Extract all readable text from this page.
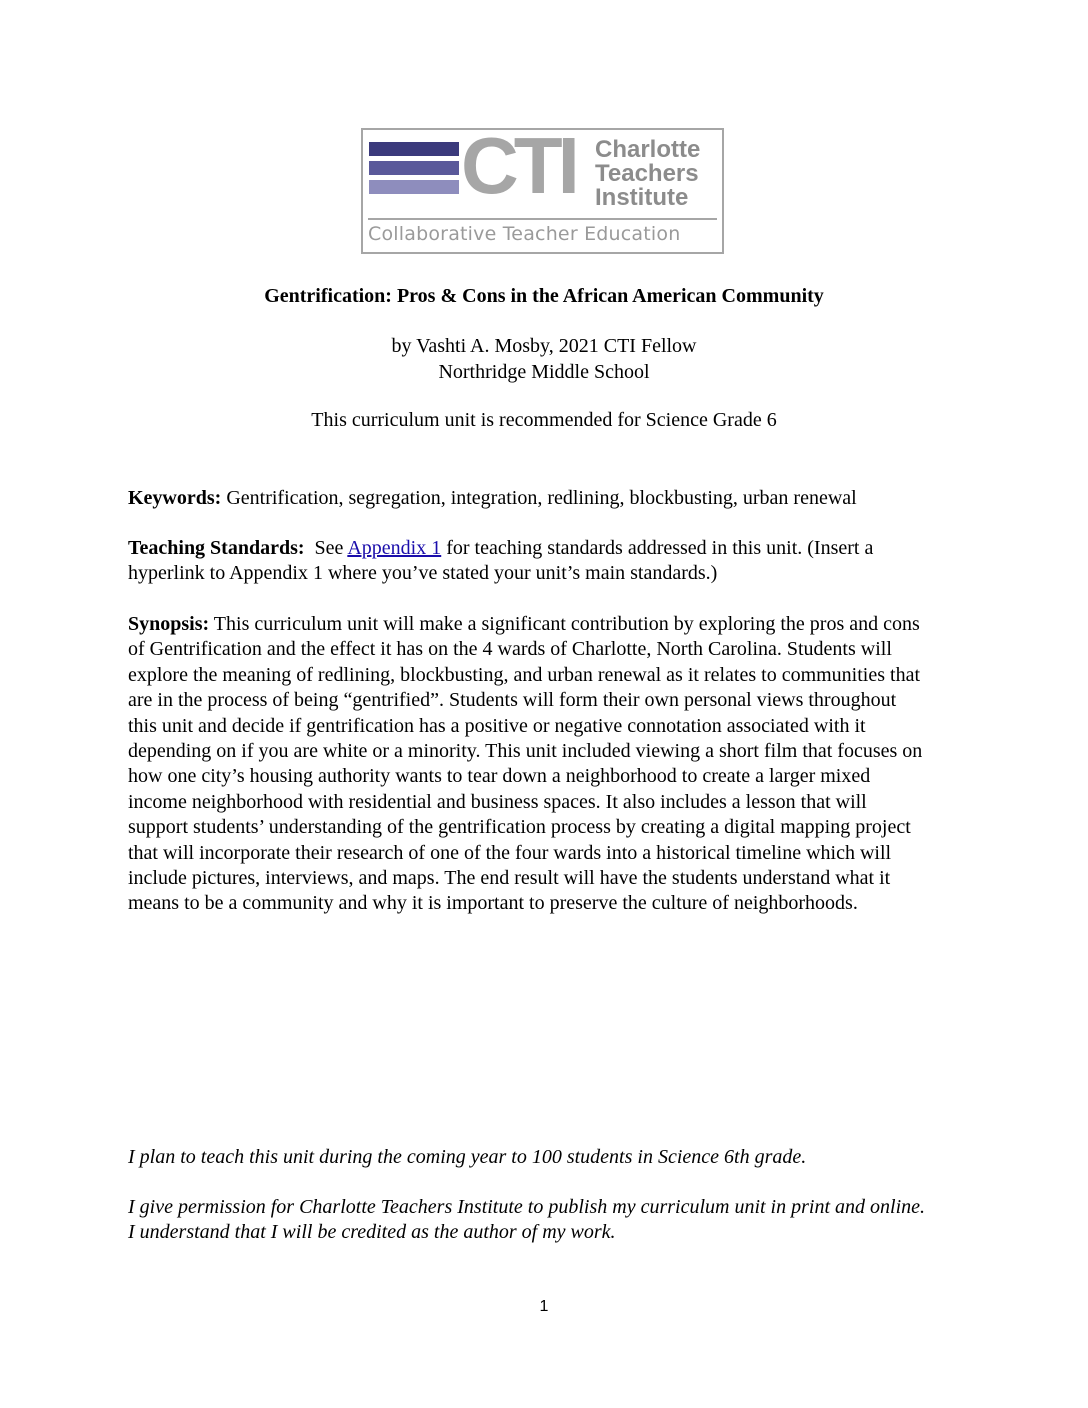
CTI Charlotte
Teachers
Institute
Collaborative Teacher Education
Gentrification: Pros & Cons in the African American Community
by Vashti A. Mosby, 2021 CTI Fellow
Northridge Middle School
This curriculum unit is recommended for Science Grade 6

Keywords: Gentrification, segregation, integration, redlining, blockbusting, urban renewal

Teaching Standards:  See Appendix 1 for teaching standards addressed in this unit. (Insert a hyperlink to Appendix 1 where you’ve stated your unit’s main standards.)

Synopsis: This curriculum unit will make a significant contribution by exploring the pros and cons of Gentrification and the effect it has on the 4 wards of Charlotte, North Carolina. Students will explore the meaning of redlining, blockbusting, and urban renewal as it relates to communities that are in the process of being “gentrified”. Students will form their own personal views throughout this unit and decide if gentrification has a positive or negative connotation associated with it depending on if you are white or a minority. This unit included viewing a short film that focuses on how one city’s housing authority wants to tear down a neighborhood to create a larger mixed income neighborhood with residential and business spaces. It also includes a lesson that will support students’ understanding of the gentrification process by creating a digital mapping project that will incorporate their research of one of the four wards into a historical timeline which will include pictures, interviews, and maps. The end result will have the students understand what it means to be a community and why it is important to preserve the culture of neighborhoods.

I plan to teach this unit during the coming year to 100 students in Science 6th grade.

I give permission for Charlotte Teachers Institute to publish my curriculum unit in print and online. I understand that I will be credited as the author of my work.

1
